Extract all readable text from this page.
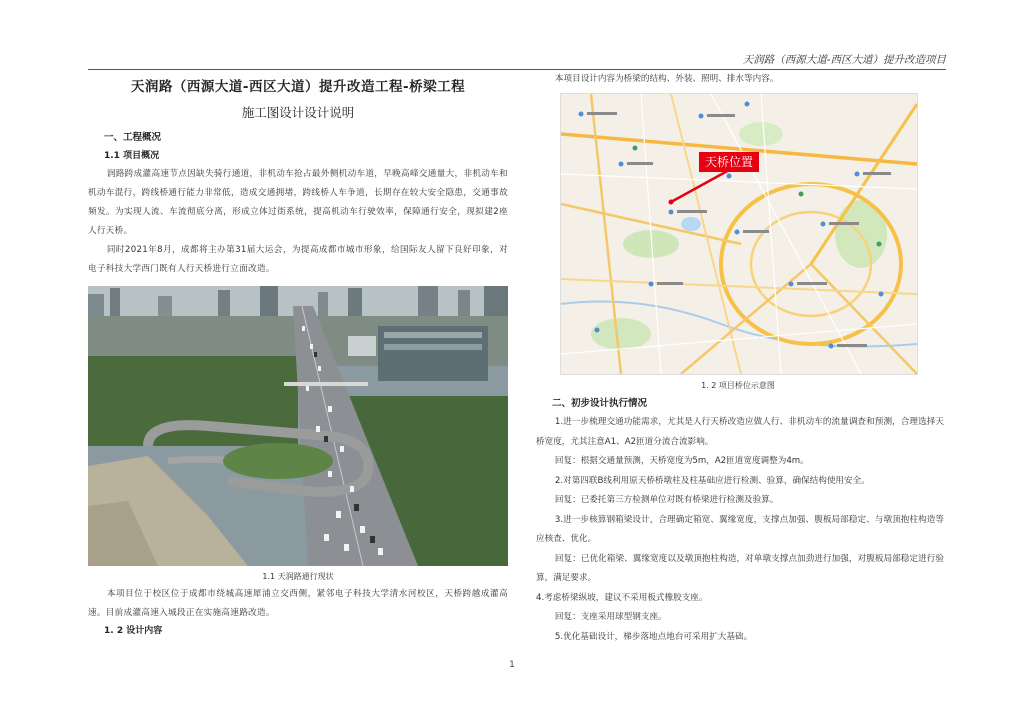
天润路（西源大道-西区大道）提升改造项目
天润路（西源大道-西区大道）提升改造工程-桥梁工程
施工图设计设计说明
一、工程概况
1.1 项目概况
润路跨成灌高速节点因缺失骑行通道，非机动车抢占最外侧机动车道，早晚高峰交通量大，非机动车和机动车混行，跨线桥通行能力非常低，造成交通拥堵，跨线桥人车争道，长期存在较大安全隐患，交通事故频发。为实现人流、车流彻底分离，形成立体过街系统，提高机动车行驶效率，保障通行安全，现拟建2座人行天桥。
同时2021年8月，成都将主办第31届大运会，为提高成都市城市形象，给国际友人留下良好印象，对电子科技大学西门既有人行天桥进行立面改造。
1.1 天润路通行现状
本项目位于校区位于成都市绕城高速犀浦立交西侧，紧邻电子科技大学清水河校区，天桥跨越成灌高速。目前成灌高速入城段正在实施高速路改造。
1. 2 设计内容
本项目设计内容为桥梁的结构、外装、照明、排水等内容。
天桥位置
1. 2 项目桥位示意图
二、初步设计执行情况
1.进一步梳理交通功能需求，尤其是人行天桥改造应做人行、非机动车的流量调查和预测，合理选择天桥宽度，尤其注意A1、A2匝道分流合流影响。
回复：根据交通量预测，天桥宽度为5m，A2匝道宽度调整为4m。
2.对第四联B线利用原天桥桥墩柱及柱基础应进行检测、验算，确保结构使用安全。
回复：已委托第三方检测单位对既有桥梁进行检测及验算。
3.进一步核算钢箱梁设计，合理确定箱宽、翼缘宽度，支撑点加强、腹板局部稳定、与墩顶抱柱构造等应核查、优化。
回复：已优化箱梁、翼缘宽度以及墩顶抱柱构造，对单墩支撑点加劲进行加强，对腹板局部稳定进行验算，满足要求。
4.考虑桥梁纵坡，建议不采用板式橡胶支座。
回复：支座采用球型钢支座。
5.优化基础设计，梯步落地点地台可采用扩大基础。
1
